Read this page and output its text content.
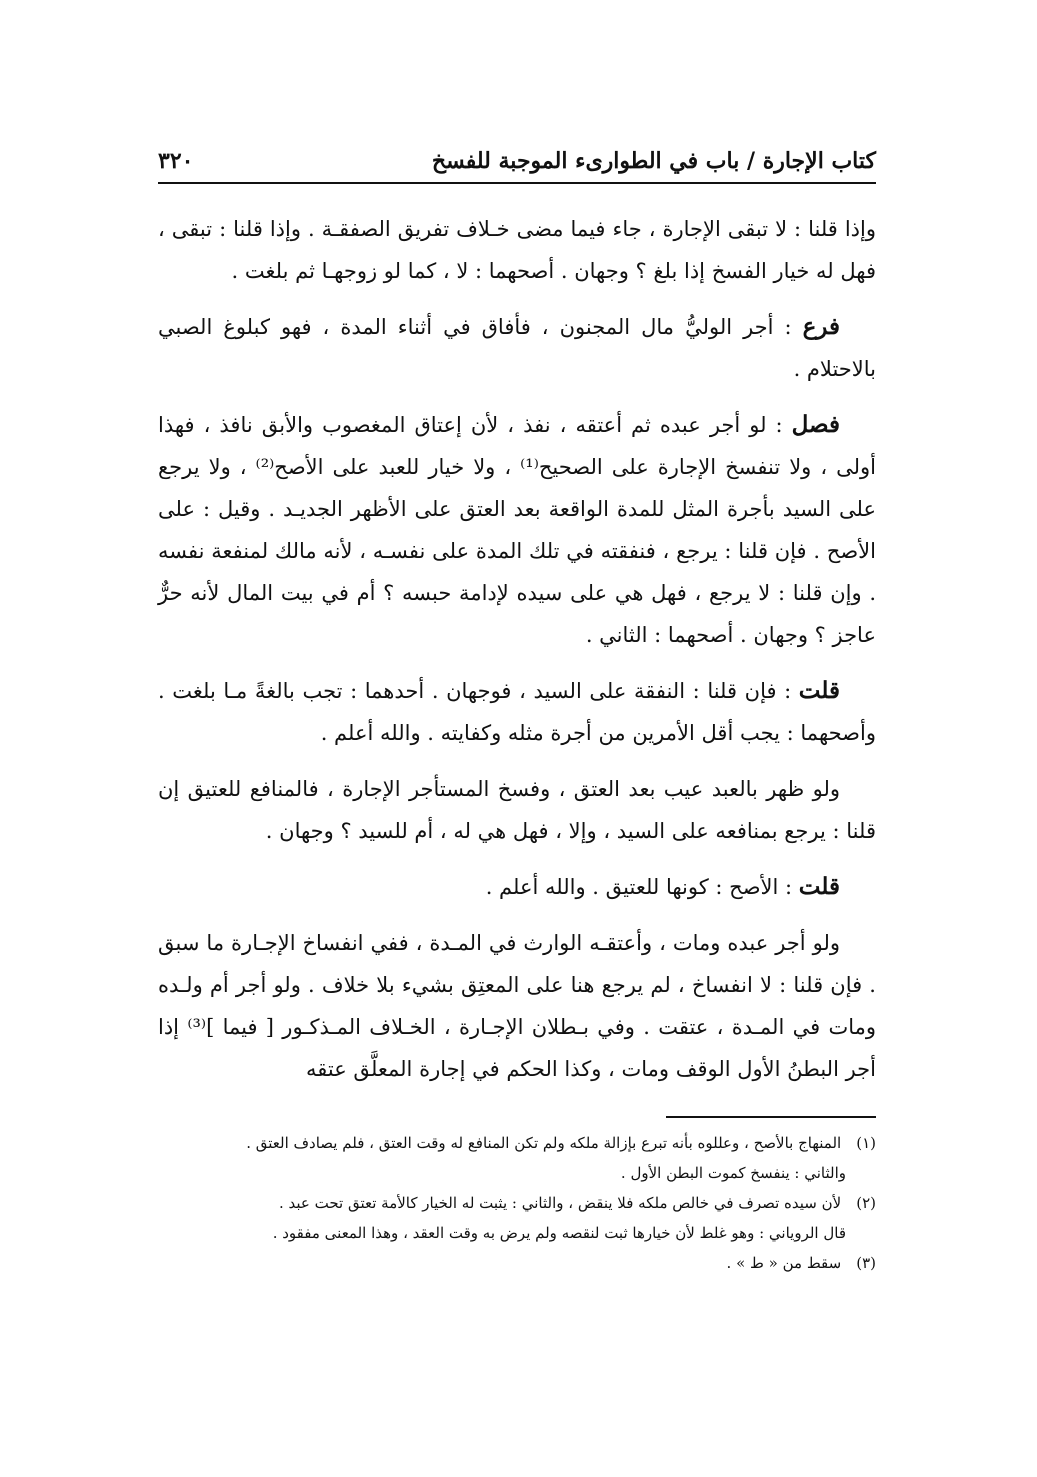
كتاب الإجارة / باب في الطوارىء الموجبة للفسخ
٣٢٠

وإذا قلنا : لا تبقى الإجارة ، جاء فيما مضى خـلاف تفريق الصفقـة . وإذا قلنا : تبقى ، فهل له خيار الفسخ إذا بلغ ؟ وجهان . أصحهما : لا ، كما لو زوجهـا ثم بلغت .

فرع : أجر الوليُّ مال المجنون ، فأفاق في أثناء المدة ، فهو كبلوغ الصبي بالاحتلام .

فصل : لو أجر عبده ثم أعتقه ، نفذ ، لأن إعتاق المغصوب والأبق نافذ ، فهذا أولى ، ولا تنفسخ الإجارة على الصحيح⁽¹⁾ ، ولا خيار للعبد على الأصح⁽²⁾ ، ولا يرجع على السيد بأجرة المثل للمدة الواقعة بعد العتق على الأظهر الجديـد . وقيل : على الأصح . فإن قلنا : يرجع ، فنفقته في تلك المدة على نفسـه ، لأنه مالك لمنفعة نفسه . وإن قلنا : لا يرجع ، فهل هي على سيده لإدامة حبسه ؟ أم في بيت المال لأنه حرٌّ عاجز ؟ وجهان . أصحهما : الثاني .

قلت : فإن قلنا : النفقة على السيد ، فوجهان . أحدهما : تجب بالغةً مـا بلغت . وأصحهما : يجب أقل الأمرين من أجرة مثله وكفايته . والله أعلم .

ولو ظهر بالعبد عيب بعد العتق ، وفسخ المستأجر الإجارة ، فالمنافع للعتيق إن قلنا : يرجع بمنافعه على السيد ، وإلا ، فهل هي له ، أم للسيد ؟ وجهان .

قلت : الأصح : كونها للعتيق . والله أعلم .

ولو أجر عبده ومات ، وأعتقـه الوارث في المـدة ، ففي انفساخ الإجـارة ما سبق . فإن قلنا : لا انفساخ ، لم يرجع هنا على المعتِق بشيء بلا خلاف . ولو أجر أم ولـده ومات في المـدة ، عتقت . وفي بـطلان الإجـارة ، الخـلاف المـذكـور [ فيما ]⁽³⁾ إذا أجر البطنُ الأول الوقف ومات ، وكذا الحكم في إجارة المعلَّق عتقه

(١) المنهاج بالأصح ، وعللوه بأنه تبرع بإزالة ملكه ولم تكن المنافع له وقت العتق ، فلم يصادف العتق .

والثاني : ينفسخ كموت البطن الأول .

(٢) لأن سيده تصرف في خالص ملكه فلا ينقض ، والثاني : يثبت له الخيار كالأمة تعتق تحت عبد .

قال الروياني : وهو غلط لأن خيارها ثبت لنقصه ولم يرض به وقت العقد ، وهذا المعنى مفقود .

(٣) سقط من « ط » .
